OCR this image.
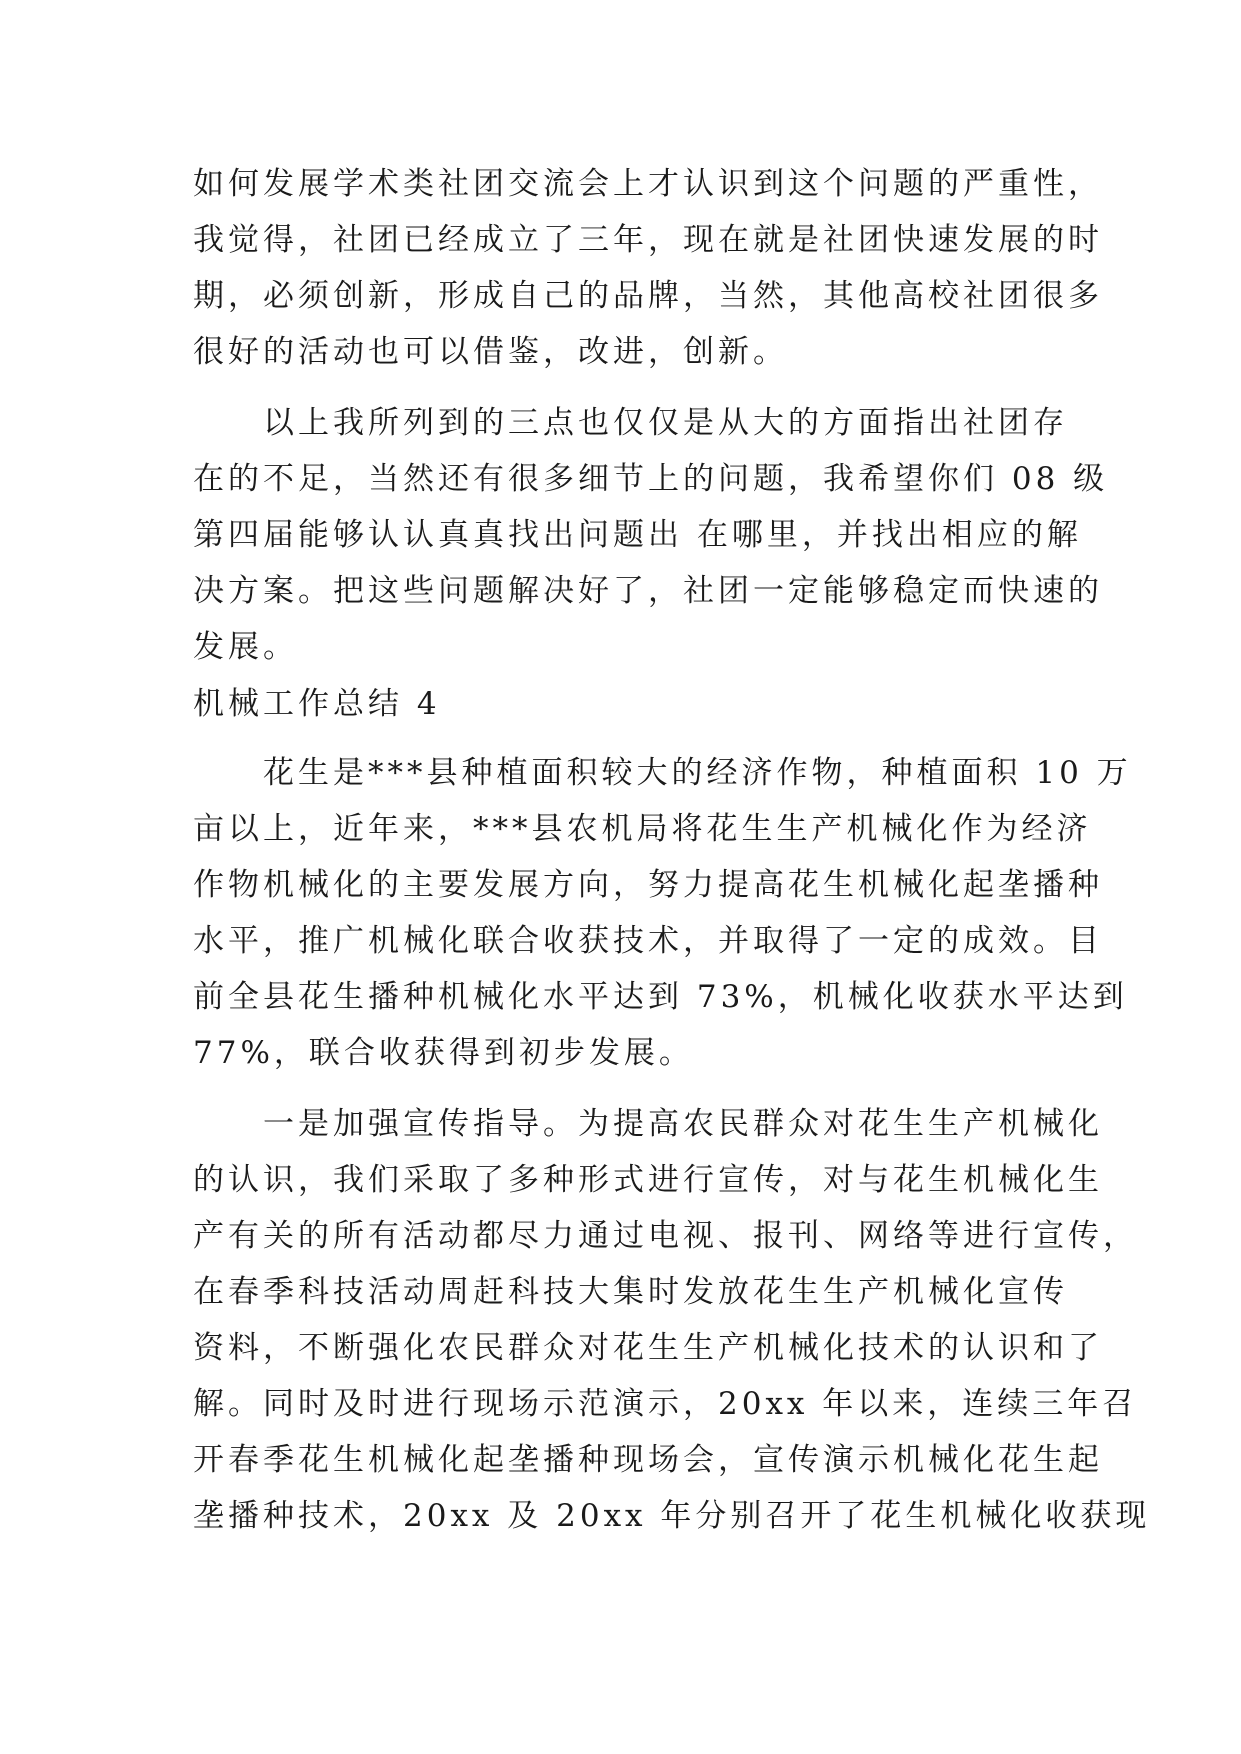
如何发展学术类社团交流会上才认识到这个问题的严重性，
我觉得，社团已经成立了三年，现在就是社团快速发展的时
期，必须创新，形成自己的品牌，当然，其他高校社团很多
很好的活动也可以借鉴，改进，创新。
　　以上我所列到的三点也仅仅是从大的方面指出社团存
在的不足，当然还有很多细节上的问题，我希望你们 08 级
第四届能够认认真真找出问题出 在哪里，并找出相应的解
决方案。把这些问题解决好了，社团一定能够稳定而快速的
发展。
机械工作总结 4
　　花生是***县种植面积较大的经济作物，种植面积 10 万
亩以上，近年来，***县农机局将花生生产机械化作为经济
作物机械化的主要发展方向，努力提高花生机械化起垄播种
水平，推广机械化联合收获技术，并取得了一定的成效。目
前全县花生播种机械化水平达到 73%，机械化收获水平达到
77%，联合收获得到初步发展。
　　一是加强宣传指导。为提高农民群众对花生生产机械化
的认识，我们采取了多种形式进行宣传，对与花生机械化生
产有关的所有活动都尽力通过电视、报刊、网络等进行宣传，
在春季科技活动周赶科技大集时发放花生生产机械化宣传
资料，不断强化农民群众对花生生产机械化技术的认识和了
解。同时及时进行现场示范演示，20xx 年以来，连续三年召
开春季花生机械化起垄播种现场会，宣传演示机械化花生起
垄播种技术，20xx 及 20xx 年分别召开了花生机械化收获现
